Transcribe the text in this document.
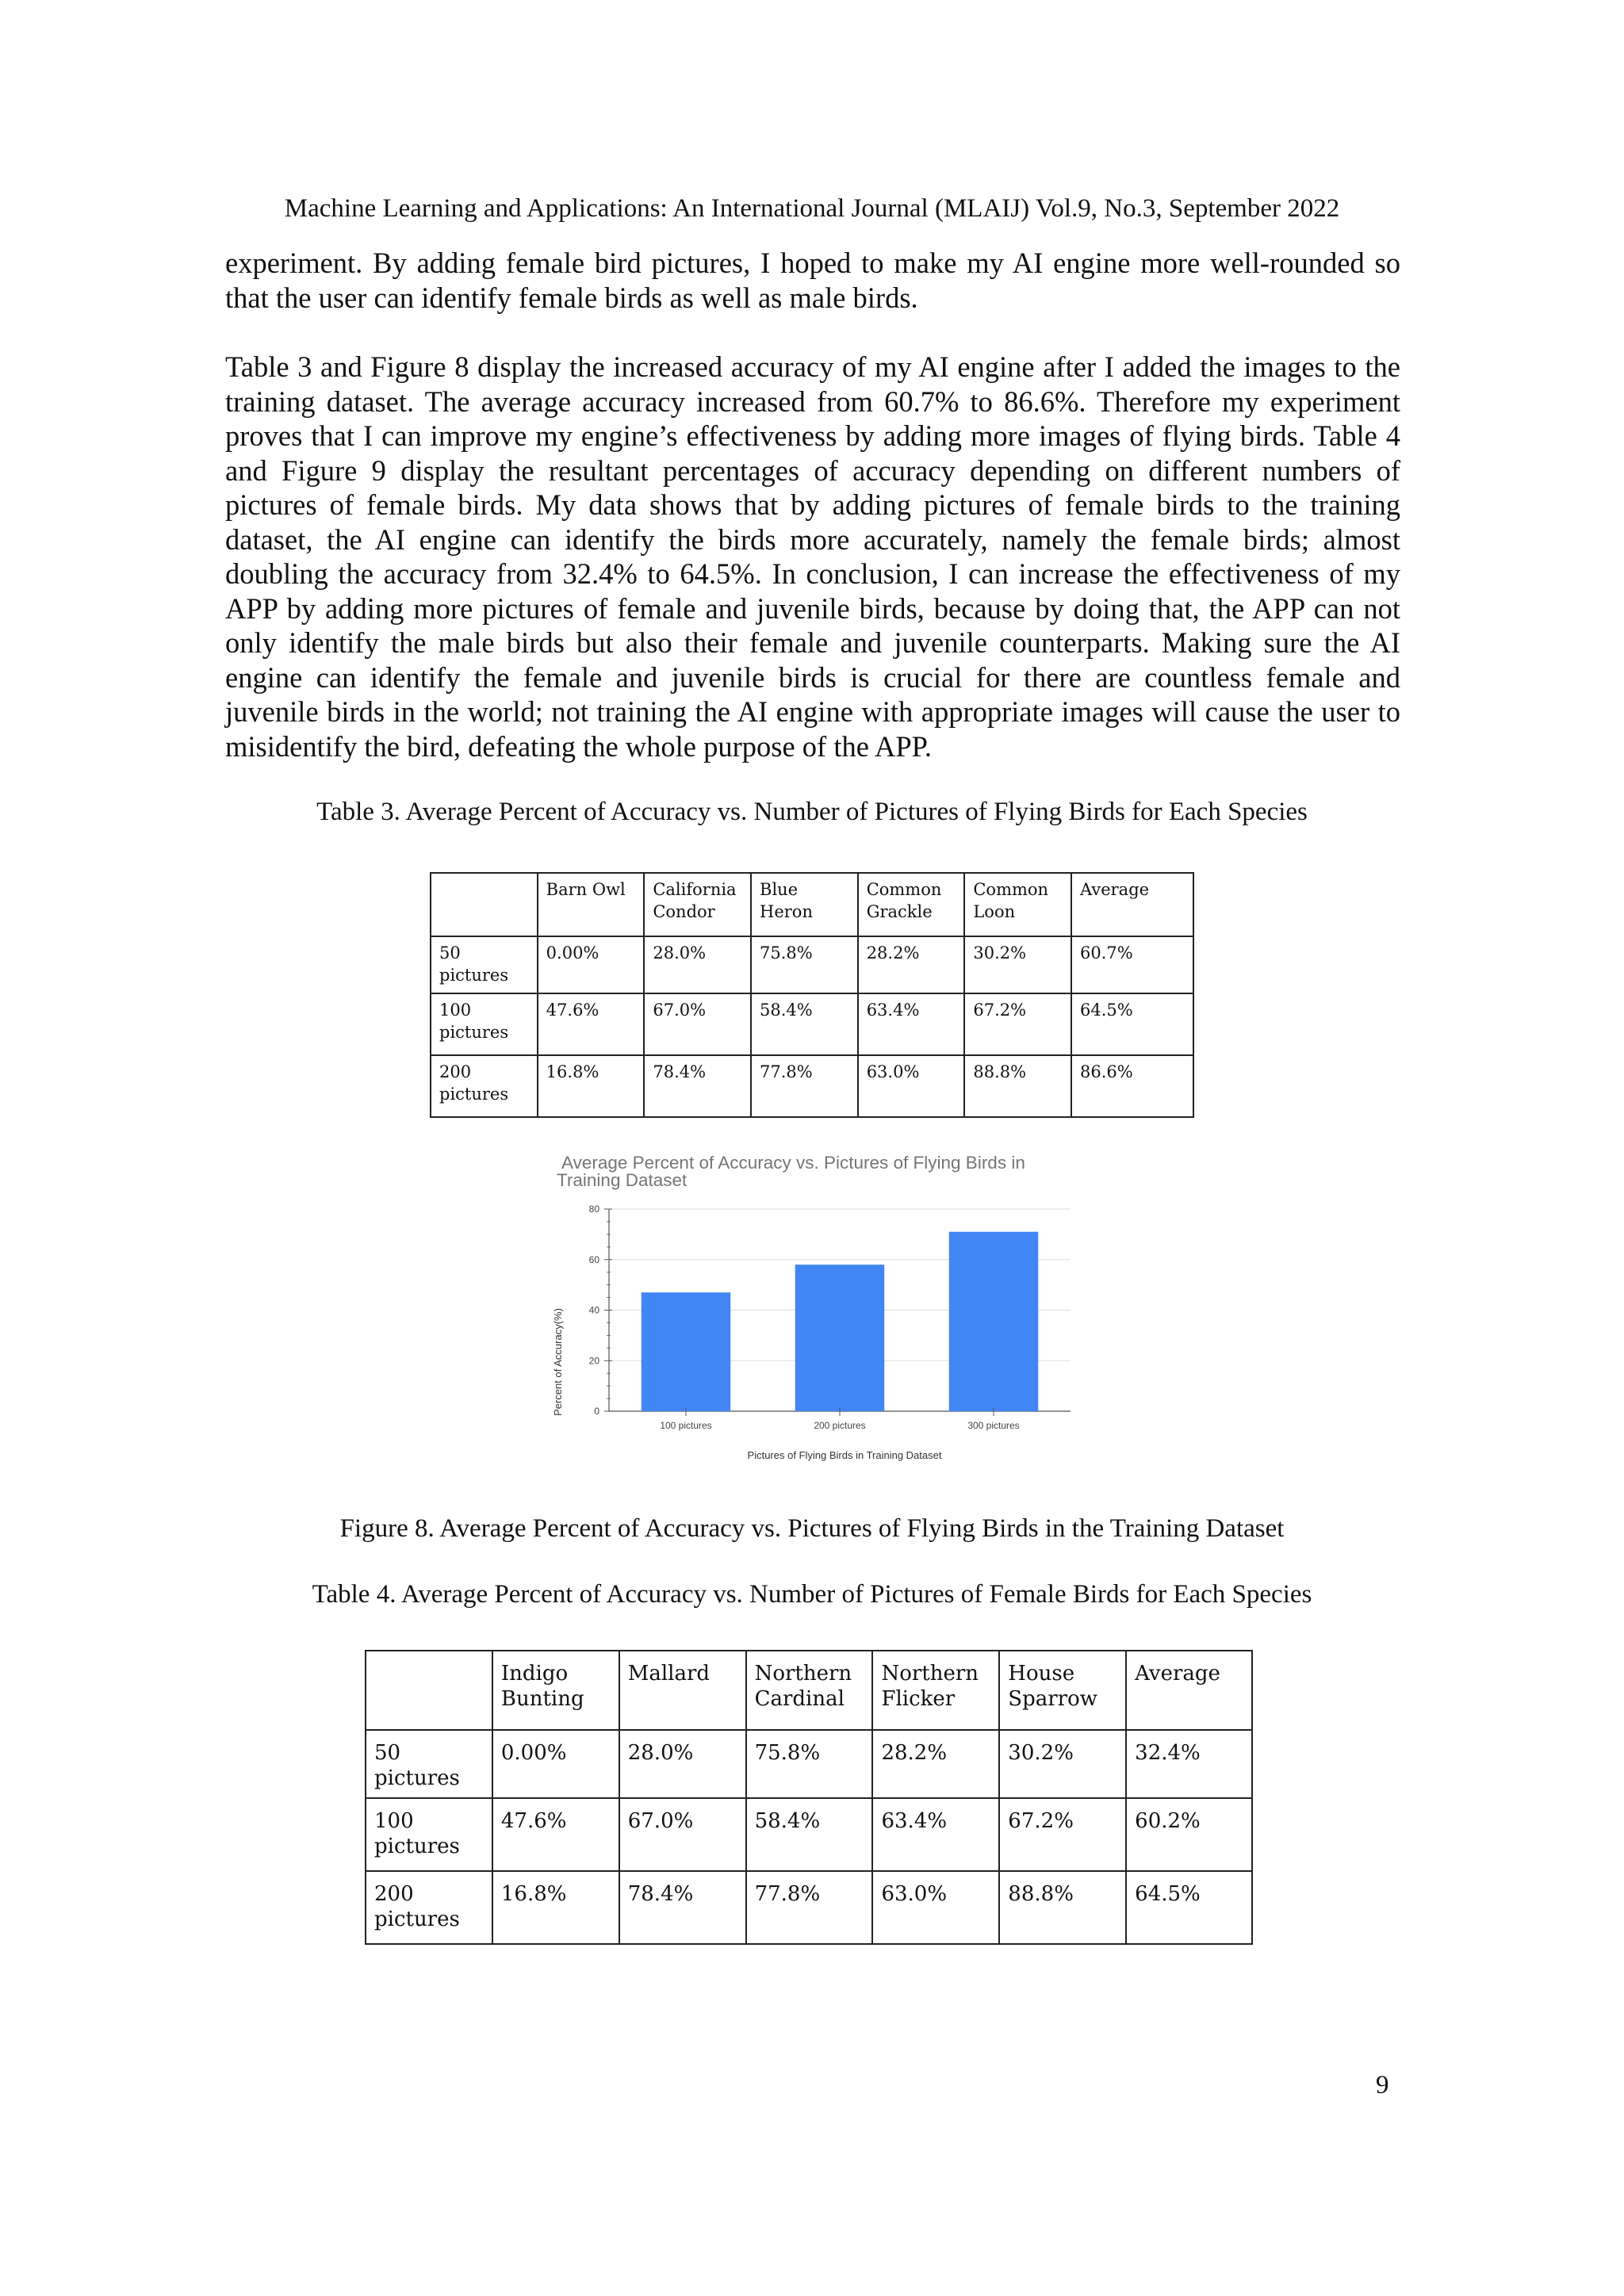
Machine Learning and Applications: An International Journal (MLAIJ) Vol.9, No.3, September 2022

experiment. By adding female bird pictures, I hoped to make my AI engine more well-rounded so that the user can identify female birds as well as male birds.

Table 3 and Figure 8 display the increased accuracy of my AI engine after I added the images to the training dataset. The average accuracy increased from 60.7% to 86.6%. Therefore my experiment proves that I can improve my engine’s effectiveness by adding more images of flying birds. Table 4 and Figure 9 display the resultant percentages of accuracy depending on different numbers of pictures of female birds. My data shows that by adding pictures of female birds to the training dataset, the AI engine can identify the birds more accurately, namely the female birds; almost doubling the accuracy from 32.4% to 64.5%. In conclusion, I can increase the effectiveness of my APP by adding more pictures of female and juvenile birds, because by doing that, the APP can not only identify the male birds but also their female and juvenile counterparts. Making sure the AI engine can identify the female and juvenile birds is crucial for there are countless female and juvenile birds in the world; not training the AI engine with appropriate images will cause the user to misidentify the bird, defeating the whole purpose of the APP.

Table 3. Average Percent of Accuracy vs. Number of Pictures of Flying Birds for Each Species
	Barn Owl	California Condor	Blue Heron	Common Grackle	Common Loon	Average
50 pictures	0.00%	28.0%	75.8%	28.2%	30.2%	60.7%
100 pictures	47.6%	67.0%	58.4%	63.4%	67.2%	64.5%
200 pictures	16.8%	78.4%	77.8%	63.0%	88.8%	86.6%
Average Percent of Accuracy vs. Pictures of Flying Birds in
Training Dataset
0
20
40
60
80
100 pictures	200 pictures	300 pictures
Pictures of Flying Birds in Training Dataset
Percent of Accuracy(%)
Figure 8. Average Percent of Accuracy vs. Pictures of Flying Birds in the Training Dataset
Table 4. Average Percent of Accuracy vs. Number of Pictures of Female Birds for Each Species
	Indigo Bunting	Mallard	Northern Cardinal	Northern Flicker	House Sparrow	Average
50 pictures	0.00%	28.0%	75.8%	28.2%	30.2%	32.4%
100 pictures	47.6%	67.0%	58.4%	63.4%	67.2%	60.2%
200 pictures	16.8%	78.4%	77.8%	63.0%	88.8%	64.5%
9
